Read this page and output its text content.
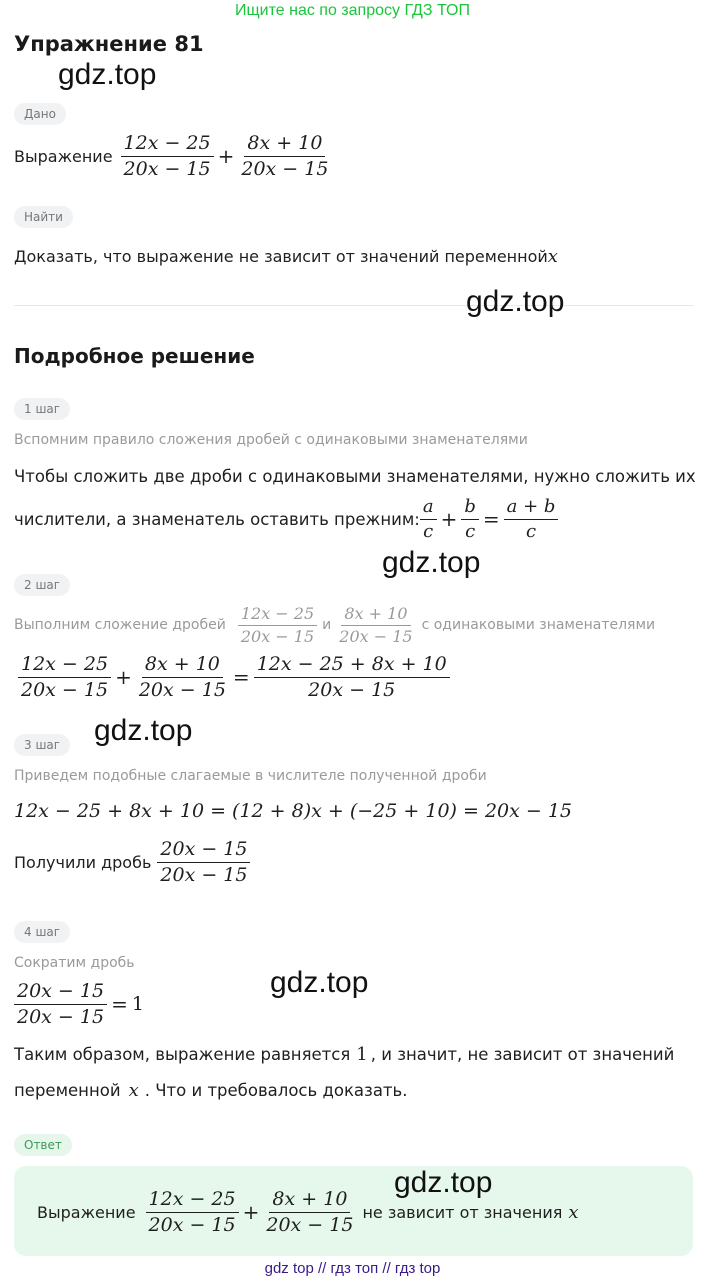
Ищите нас по запросу ГДЗ ТОП
Упражнение 81
gdz.top
Дано
Выражение $\frac{12x - 25}{20x - 15} + \frac{8x + 10}{20x - 15}$
Найти
Доказать, что выражение не зависит от значений переменной x
gdz.top
Подробное решение
1 шаг
Вспомним правило сложения дробей с одинаковыми знаменателями
Чтобы сложить две дроби с одинаковыми знаменателями, нужно сложить их
числители, а знаменатель оставить прежним: $\frac{a}{c} + \frac{b}{c} = \frac{a + b}{c}$
gdz.top
2 шаг
Выполним сложение дробей $\frac{12x - 25}{20x - 15}$ и $\frac{8x + 10}{20x - 15}$ с одинаковыми знаменателями
$\frac{12x - 25}{20x - 15} + \frac{8x + 10}{20x - 15} = \frac{12x - 25 + 8x + 10}{20x - 15}$
gdz.top
3 шаг
Приведем подобные слагаемые в числителе полученной дроби
12x − 25 + 8x + 10 = (12 + 8)x + (−25 + 10) = 20x − 15
Получили дробь $\frac{20x - 15}{20x - 15}$
4 шаг
Сократим дробь
$\frac{20x - 15}{20x - 15} = 1$
gdz.top
Таким образом, выражение равняется 1 , и значит, не зависит от значений
переменной x . Что и требовалось доказать.
Ответ
Выражение $\frac{12x - 25}{20x - 15} + \frac{8x + 10}{20x - 15}$ не зависит от значения x
gdz.top
gdz top // гдз топ // гдз top
